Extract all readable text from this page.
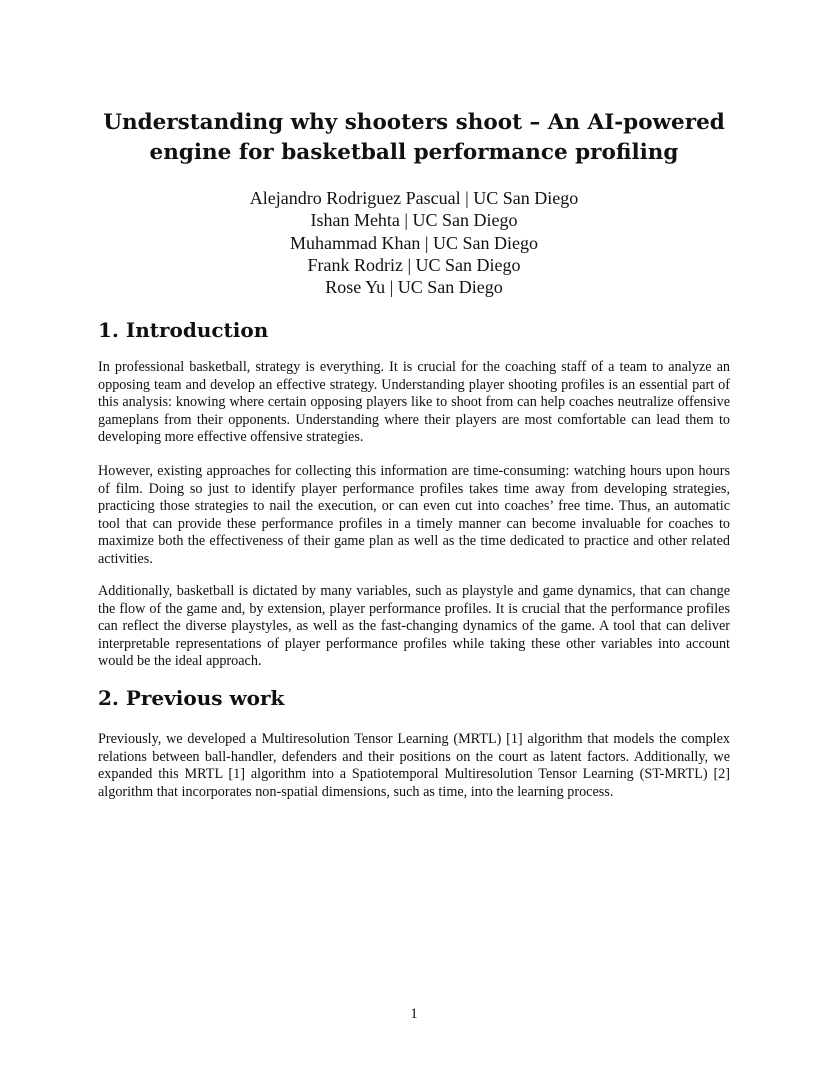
Understanding why shooters shoot – An AI-powered
engine for basketball performance profiling
Alejandro Rodriguez Pascual | UC San Diego
Ishan Mehta | UC San Diego
Muhammad Khan | UC San Diego
Frank Rodriz | UC San Diego
Rose Yu | UC San Diego
1. Introduction

In professional basketball, strategy is everything. It is crucial for the coaching staff of a team to analyze an opposing team and develop an effective strategy. Understanding player shooting profiles is an essential part of this analysis: knowing where certain opposing players like to shoot from can help coaches neutralize offensive gameplans from their opponents. Understanding where their players are most comfortable can lead them to developing more effective offensive strategies.

However, existing approaches for collecting this information are time-consuming: watching hours upon hours of film. Doing so just to identify player performance profiles takes time away from developing strategies, practicing those strategies to nail the execution, or can even cut into coaches’ free time. Thus, an automatic tool that can provide these performance profiles in a timely manner can become invaluable for coaches to maximize both the effectiveness of their game plan as well as the time dedicated to practice and other related activities.

Additionally, basketball is dictated by many variables, such as playstyle and game dynamics, that can change the flow of the game and, by extension, player performance profiles. It is crucial that the performance profiles can reflect the diverse playstyles, as well as the fast-changing dynamics of the game. A tool that can deliver interpretable representations of player performance profiles while taking these other variables into account would be the ideal approach.

2. Previous work

Previously, we developed a Multiresolution Tensor Learning (MRTL) [1] algorithm that models the complex relations between ball-handler, defenders and their positions on the court as latent factors. Additionally, we expanded this MRTL [1] algorithm into a Spatiotemporal Multiresolution Tensor Learning (ST-MRTL) [2] algorithm that incorporates non-spatial dimensions, such as time, into the learning process.

1
